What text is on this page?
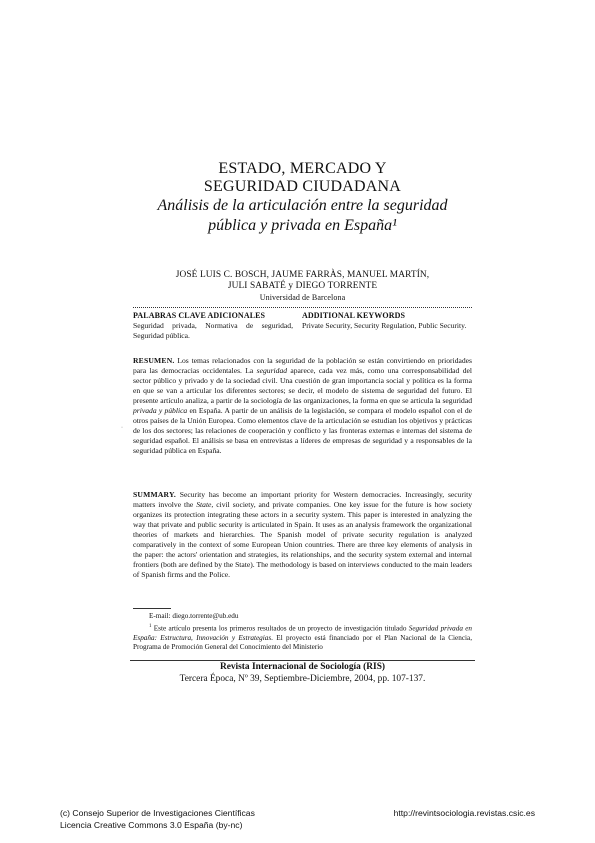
ESTADO, MERCADO Y
SEGURIDAD CIUDADANA
Análisis de la articulación entre la seguridad
pública y privada en España¹
JOSÉ LUIS C. BOSCH, JAUME FARRÀS, MANUEL MARTÍN,
JULI SABATÉ y DIEGO TORRENTE
Universidad de Barcelona
PALABRAS CLAVE ADICIONALES
Seguridad privada, Normativa de seguridad, Seguridad pública.
ADDITIONAL KEYWORDS
Private Security, Security Regulation, Public Security.
·
RESUMEN. Los temas relacionados con la seguridad de la población se están convirtiendo en prioridades para las democracias occidentales. La seguridad aparece, cada vez más, como una corresponsabilidad del sector público y privado y de la sociedad civil. Una cuestión de gran importancia social y política es la forma en que se van a articular los diferentes sectores; se decir, el modelo de sistema de seguridad del futuro. El presente artículo analiza, a partir de la sociología de las organizaciones, la forma en que se articula la seguridad privada y pública en España. A partir de un análisis de la legislación, se compara el modelo español con el de otros países de la Unión Europea. Como elementos clave de la articulación se estudian los objetivos y prácticas de los dos sectores; las relaciones de cooperación y conflicto y las fronteras externas e internas del sistema de seguridad español. El análisis se basa en entrevistas a líderes de empresas de seguridad y a responsables de la seguridad pública en España.
SUMMARY. Security has become an important priority for Western democracies. Increasingly, security matters involve the State, civil society, and private companies. One key issue for the future is how society organizes its protection integrating these actors in a security system. This paper is interested in analyzing the way that private and public security is articulated in Spain. It uses as an analysis framework the organizational theories of markets and hierarchies. The Spanish model of private security regulation is analyzed comparatively in the context of some European Union countries. There are three key elements of analysis in the paper: the actors' orientation and strategies, its relationships, and the security system external and internal frontiers (both are defined by the State). The methodology is based on interviews conducted to the main leaders of Spanish firms and the Police.
E-mail: diego.torrente@ub.edu
$^1$ Este artículo presenta los primeros resultados de un proyecto de investigación titulado Seguridad privada en España: Estructura, Innovación y Estrategias. El proyecto está financiado por el Plan Nacional de la Ciencia, Programa de Promoción General del Conocimiento del Ministerio
Revista Internacional de Sociología (RIS)
Tercera Época, Nº 39, Septiembre-Diciembre, 2004, pp. 107-137.
(c) Consejo Superior de Investigaciones Científicas
Licencia Creative Commons 3.0 España (by-nc)
http://revintsociologia.revistas.csic.es
